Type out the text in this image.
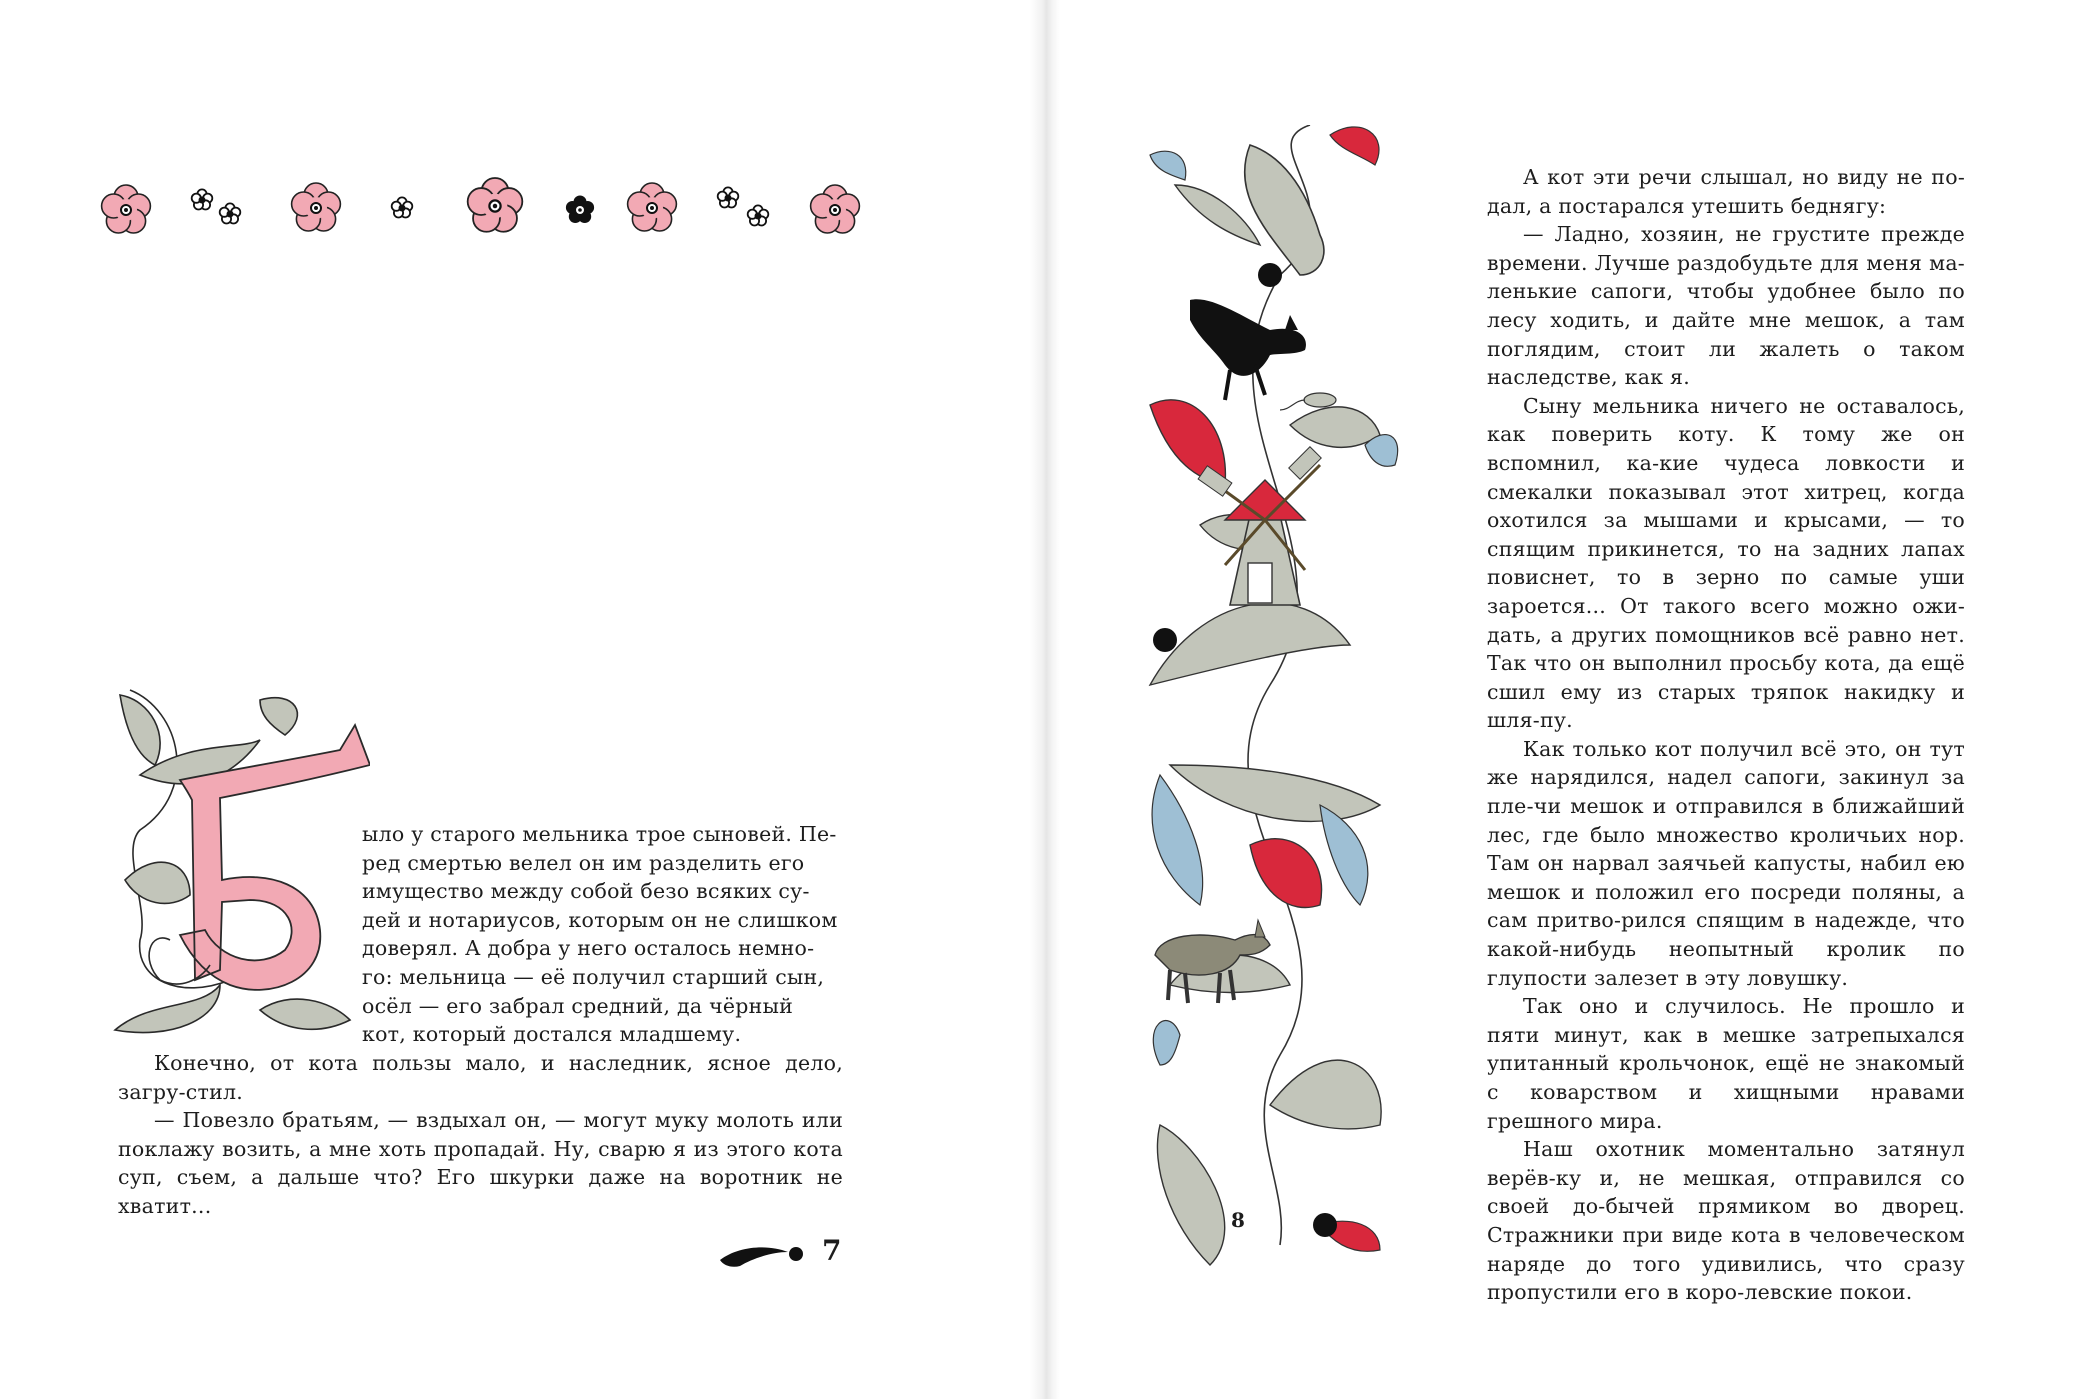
ыло у старого мельника трое сыновей. Пе-

ред смертью велел он им разделить его

имущество между собой безо всяких су-

дей и нотариусов, которым он не слишком

доверял. А добра у него осталось немно-

го: мельница — её получил старший сын,

осёл — его забрал средний, да чёрный

кот, который достался младшему.

Конечно, от кота пользы мало, и наследник, ясное дело, загру-стил.

— Повезло братьям, — вздыхал он, — могут муку молоть или поклажу возить, а мне хоть пропадай. Ну, сварю я из этого кота суп, съем, а дальше что? Его шкурки даже на воротник не хватит...

7
8

А кот эти речи слышал, но виду не по-дал, а постарался утешить беднягу:

— Ладно, хозяин, не грустите прежде времени. Лучше раздобудьте для меня ма-ленькие сапоги, чтобы удобнее было по лесу ходить, и дайте мне мешок, а там поглядим, стоит ли жалеть о таком наследстве, как я.

Сыну мельника ничего не оставалось, как поверить коту. К тому же он вспомнил, ка-кие чудеса ловкости и смекалки показывал этот хитрец, когда охотился за мышами и крысами, — то спящим прикинется, то на задних лапах повиснет, то в зерно по самые уши зароется... От такого всего можно ожи-дать, а других помощников всё равно нет. Так что он выполнил просьбу кота, да ещё сшил ему из старых тряпок накидку и шля-пу.

Как только кот получил всё это, он тут же нарядился, надел сапоги, закинул за пле-чи мешок и отправился в ближайший лес, где было множество кроличьих нор. Там он нарвал заячьей капусты, набил ею мешок и положил его посреди поляны, а сам притво-рился спящим в надежде, что какой-нибудь неопытный кролик по глупости залезет в эту ловушку.

Так оно и случилось. Не прошло и пяти минут, как в мешке затрепыхался упитанный крольчонок, ещё не знакомый с коварством и хищными нравами грешного мира.

Наш охотник моментально затянул верёв-ку и, не мешкая, отправился со своей до-бычей прямиком во дворец. Стражники при виде кота в человеческом наряде до того удивились, что сразу пропустили его в коро-левские покои.
